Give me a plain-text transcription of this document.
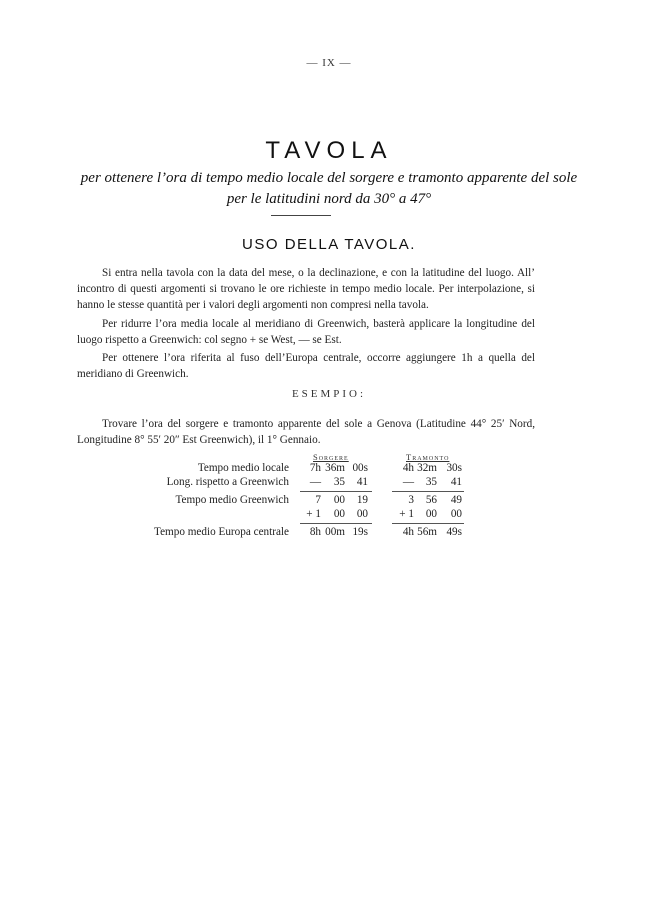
— IX —
TAVOLA
per ottenere l’ora di tempo medio locale del sorgere e tramonto apparente del sole
per le latitudini nord da 30° a 47°
USO DELLA TAVOLA.
Si entra nella tavola con la data del mese, o la declinazione, e con la latitudine del luogo. All’ incontro di questi argomenti si trovano le ore richieste in tempo medio locale. Per interpolazione, si hanno le stesse quantità per i valori degli argomenti non compresi nella tavola.
Per ridurre l’ora media locale al meridiano di Greenwich, basterà applicare la longitudine del luogo rispetto a Greenwich: col segno + se West, — se Est.
Per ottenere l’ora riferita al fuso dell’Europa centrale, occorre aggiungere 1h a quella del meridiano di Greenwich.
ESEMPIO:
Trovare l’ora del sorgere e tramonto apparente del sole a Genova (Latitudine 44° 25′ Nord, Longitudine 8° 55′ 20″ Est Greenwich), il 1° Gennaio.
Sorgere	Tramonto
Tempo medio locale 7h 36m 00s	4h 32m 30s
Long. rispetto a Greenwich — 35 41	— 35 41
Tempo medio Greenwich 7 00 19	3 56 49
+ 1 00 00	+ 1 00 00
Tempo medio Europa centrale 8h 00m 19s	4h 56m 49s
